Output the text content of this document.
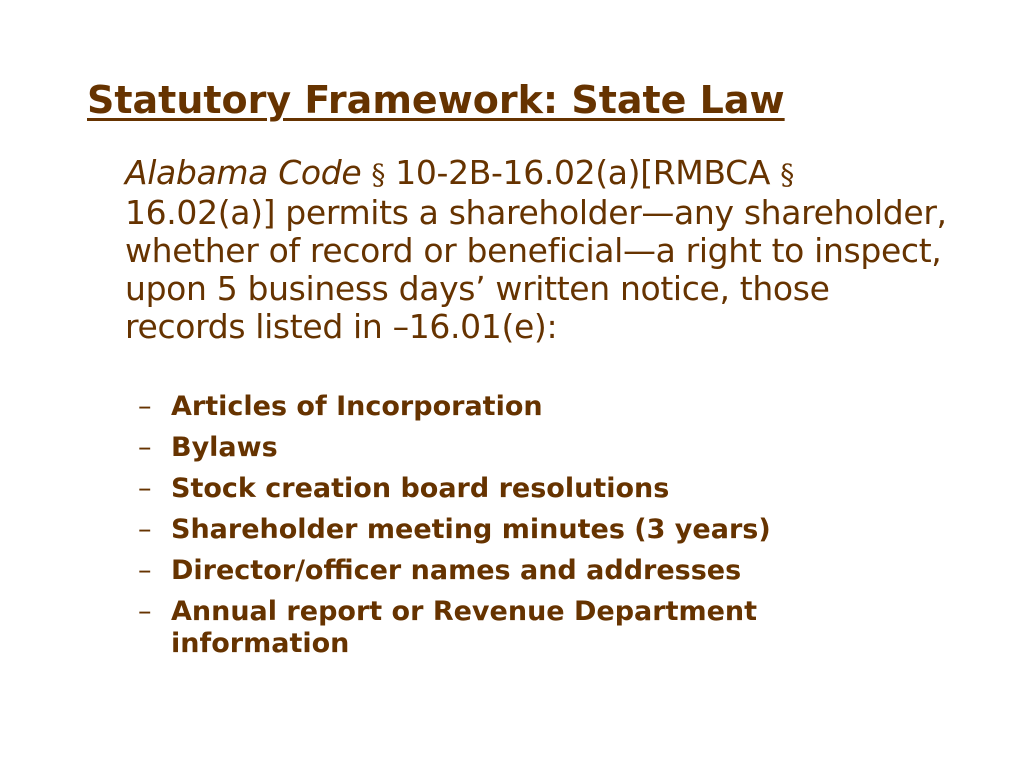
Statutory Framework: State Law

Alabama Code § 10-2B-16.02(a)[RMBCA § 16.02(a)] permits a shareholder—any shareholder, whether of record or beneficial—a right to inspect, upon 5 business days’ written notice, those records listed in –16.01(e):

– Articles of Incorporation
– Bylaws
– Stock creation board resolutions
– Shareholder meeting minutes (3 years)
– Director/officer names and addresses
– Annual report or Revenue Department information
